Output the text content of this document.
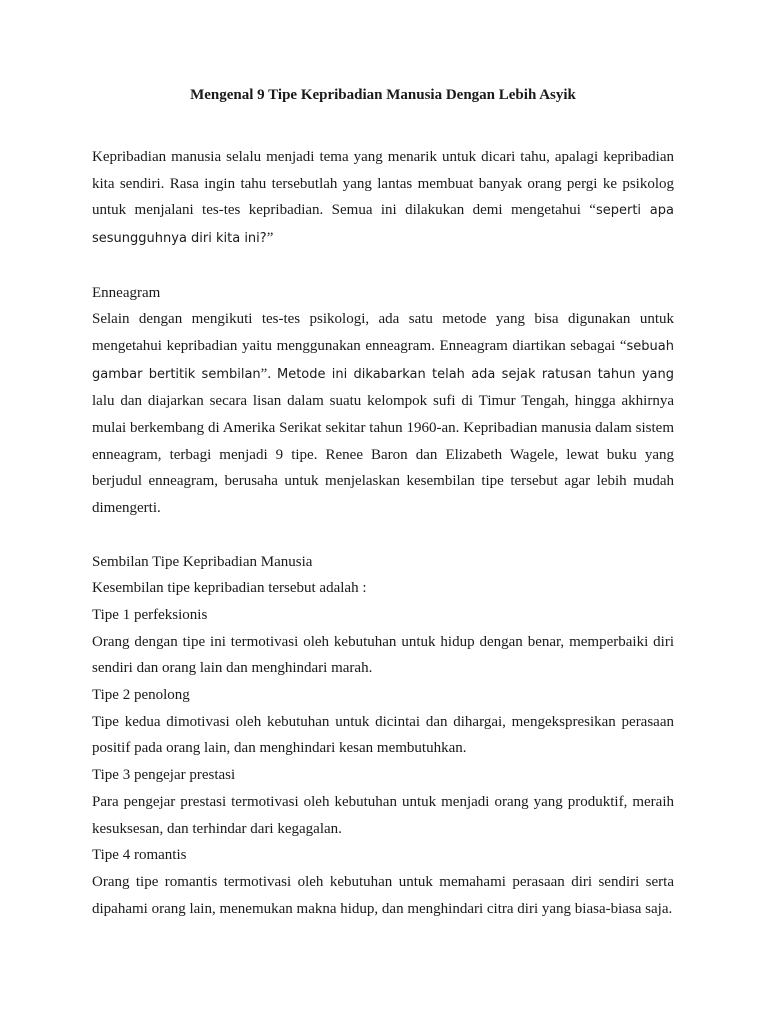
Mengenal 9 Tipe Kepribadian Manusia Dengan Lebih Asyik

Kepribadian manusia selalu menjadi tema yang menarik untuk dicari tahu, apalagi kepribadian kita sendiri. Rasa ingin tahu tersebutlah yang lantas membuat banyak orang pergi ke psikolog untuk menjalani tes-tes kepribadian. Semua ini dilakukan demi mengetahui “seperti apa sesungguhnya diri kita ini?”

Enneagram

Selain dengan mengikuti tes-tes psikologi, ada satu metode yang bisa digunakan untuk mengetahui kepribadian yaitu menggunakan enneagram. Enneagram diartikan sebagai “sebuah gambar bertitik sembilan”. Metode ini dikabarkan telah ada sejak ratusan tahun yang lalu dan diajarkan secara lisan dalam suatu kelompok sufi di Timur Tengah, hingga akhirnya mulai berkembang di Amerika Serikat sekitar tahun 1960-an. Kepribadian manusia dalam sistem enneagram, terbagi menjadi 9 tipe. Renee Baron dan Elizabeth Wagele, lewat buku yang berjudul enneagram, berusaha untuk menjelaskan kesembilan tipe tersebut agar lebih mudah dimengerti.

Sembilan Tipe Kepribadian Manusia

Kesembilan tipe kepribadian tersebut adalah :

Tipe 1 perfeksionis

Orang dengan tipe ini termotivasi oleh kebutuhan untuk hidup dengan benar, memperbaiki diri sendiri dan orang lain dan menghindari marah.

Tipe 2 penolong

Tipe kedua dimotivasi oleh kebutuhan untuk dicintai dan dihargai, mengekspresikan perasaan positif pada orang lain, dan menghindari kesan membutuhkan.

Tipe 3 pengejar prestasi

Para pengejar prestasi termotivasi oleh kebutuhan untuk menjadi orang yang produktif, meraih kesuksesan, dan terhindar dari kegagalan.

Tipe 4 romantis

Orang tipe romantis termotivasi oleh kebutuhan untuk memahami perasaan diri sendiri serta dipahami orang lain, menemukan makna hidup, dan menghindari citra diri yang biasa-biasa saja.
